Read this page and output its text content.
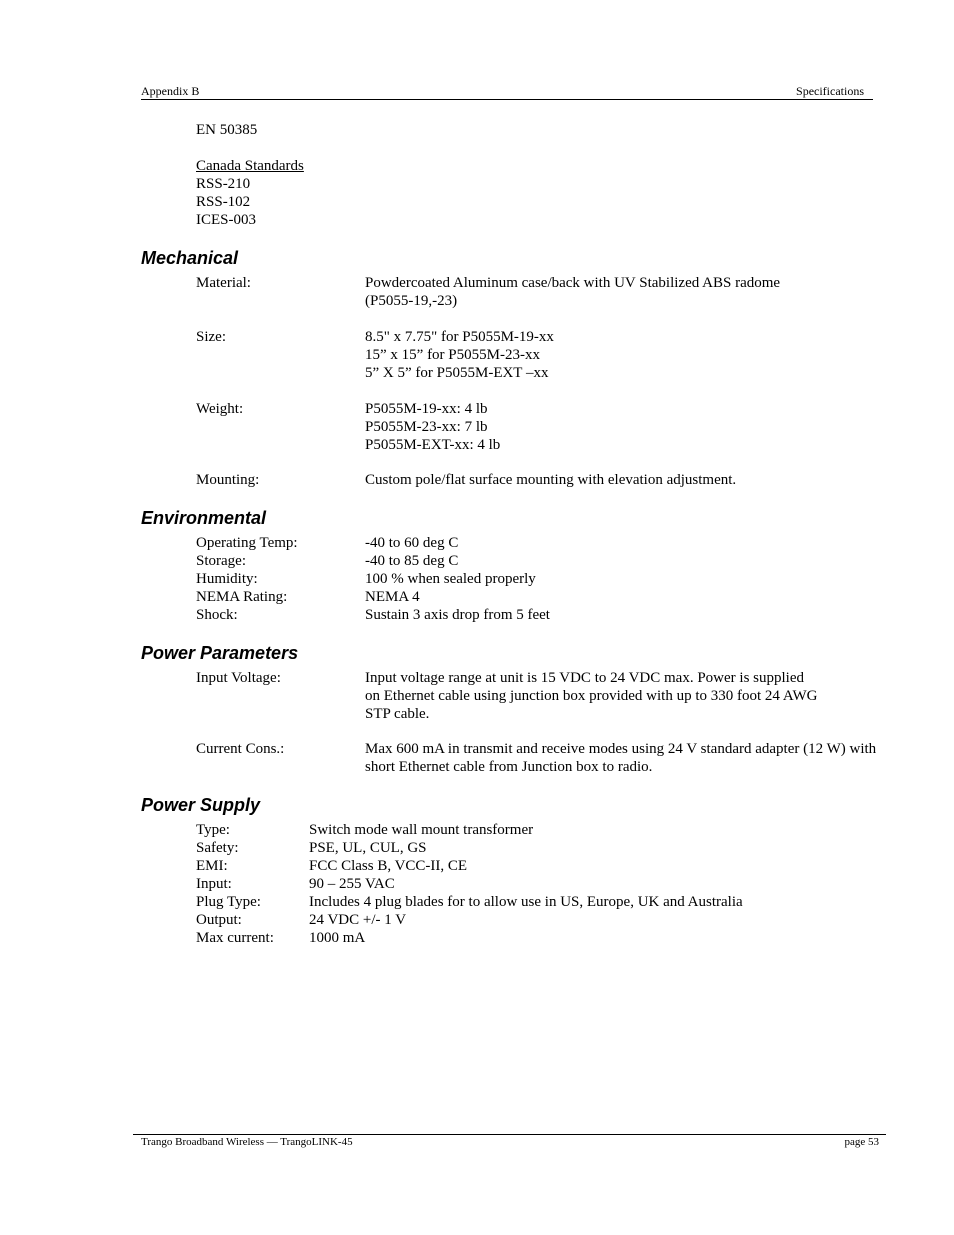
Appendix B	Specifications
EN 50385
Canada Standards
RSS-210
RSS-102
ICES-003
Mechanical
Material:	Powdercoated Aluminum case/back with UV Stabilized ABS radome
(P5055-19,-23)
Size:	8.5" x 7.75" for P5055M-19-xx
15” x 15” for P5055M-23-xx
5” X 5” for P5055M-EXT –xx
Weight:	P5055M-19-xx: 4 lb
P5055M-23-xx: 7 lb
P5055M-EXT-xx: 4 lb
Mounting:	Custom pole/flat surface mounting with elevation adjustment.
Environmental
Operating Temp:	-40 to 60 deg C
Storage:	-40 to 85 deg C
Humidity:	100 % when sealed properly
NEMA Rating:	NEMA 4
Shock:	Sustain 3 axis drop from 5 feet
Power Parameters
Input Voltage:	Input voltage range at unit is 15 VDC to 24 VDC max. Power is supplied
on Ethernet cable using junction box provided with up to 330 foot 24 AWG
STP cable.
Current Cons.:	Max 600 mA in transmit and receive modes using 24 V standard adapter (12 W) with
short Ethernet cable from Junction box to radio.
Power Supply
Type:	Switch mode wall mount transformer
Safety:	PSE, UL, CUL, GS
EMI:	FCC Class B, VCC-II, CE
Input:	90 – 255 VAC
Plug Type:	Includes 4 plug blades for to allow use in US, Europe, UK and Australia
Output:	24 VDC +/- 1 V
Max current: 1000 mA
Trango Broadband Wireless — TrangoLINK-45	page 53
